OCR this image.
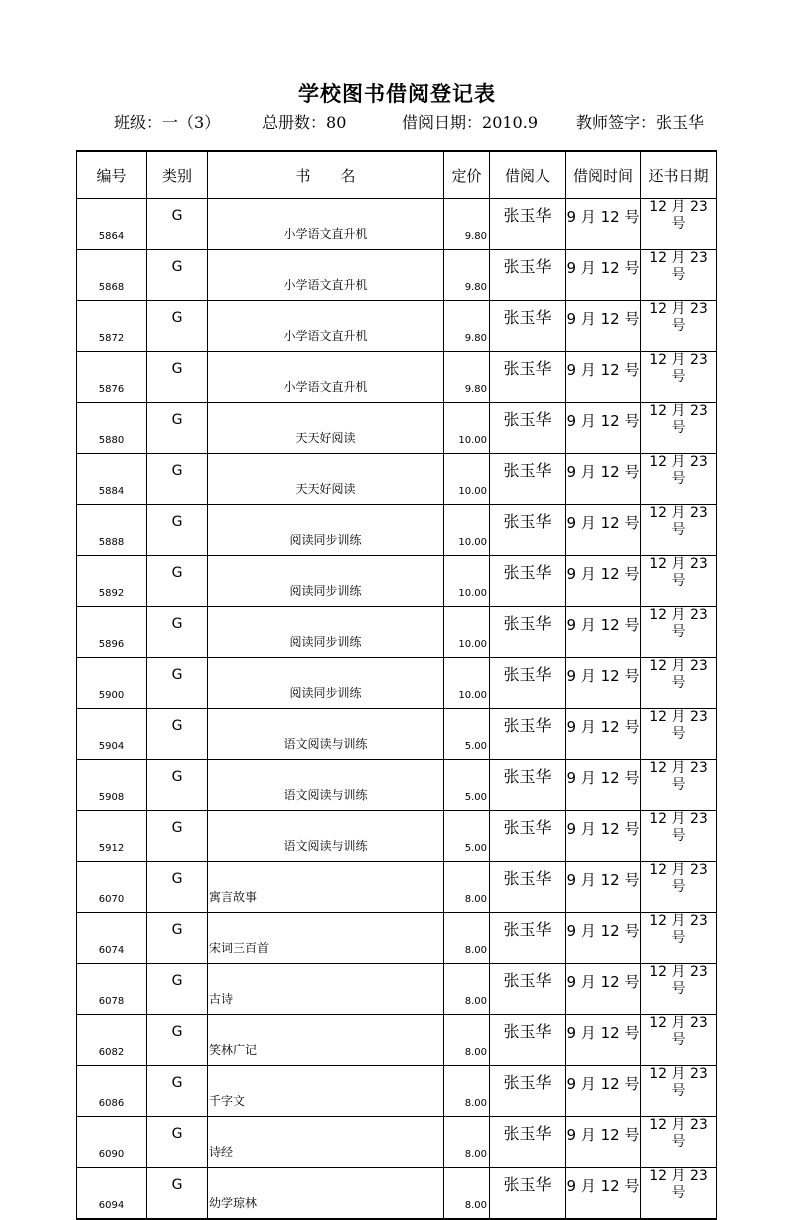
学校图书借阅登记表
班级：一（3）	总册数：80	借阅日期：2010.9 教师签字：张玉华
编号	类别	书　　名	定价	借阅人	借阅时间	还书日期
5864	G	小学语文直升机	9.80	张玉华	9 月 12 号	12 月 23 号
5868	G	小学语文直升机	9.80	张玉华	9 月 12 号	12 月 23 号
5872	G	小学语文直升机	9.80	张玉华	9 月 12 号	12 月 23 号
5876	G	小学语文直升机	9.80	张玉华	9 月 12 号	12 月 23 号
5880	G	天天好阅读	10.00	张玉华	9 月 12 号	12 月 23 号
5884	G	天天好阅读	10.00	张玉华	9 月 12 号	12 月 23 号
5888	G	阅读同步训练	10.00	张玉华	9 月 12 号	12 月 23 号
5892	G	阅读同步训练	10.00	张玉华	9 月 12 号	12 月 23 号
5896	G	阅读同步训练	10.00	张玉华	9 月 12 号	12 月 23 号
5900	G	阅读同步训练	10.00	张玉华	9 月 12 号	12 月 23 号
5904	G	语文阅读与训练	5.00	张玉华	9 月 12 号	12 月 23 号
5908	G	语文阅读与训练	5.00	张玉华	9 月 12 号	12 月 23 号
5912	G	语文阅读与训练	5.00	张玉华	9 月 12 号	12 月 23 号
6070	G	寓言故事	8.00	张玉华	9 月 12 号	12 月 23 号
6074	G	宋词三百首	8.00	张玉华	9 月 12 号	12 月 23 号
6078	G	古诗	8.00	张玉华	9 月 12 号	12 月 23 号
6082	G	笑林广记	8.00	张玉华	9 月 12 号	12 月 23 号
6086	G	千字文	8.00	张玉华	9 月 12 号	12 月 23 号
6090	G	诗经	8.00	张玉华	9 月 12 号	12 月 23 号
6094	G	幼学琼林	8.00	张玉华	9 月 12 号	12 月 23 号
